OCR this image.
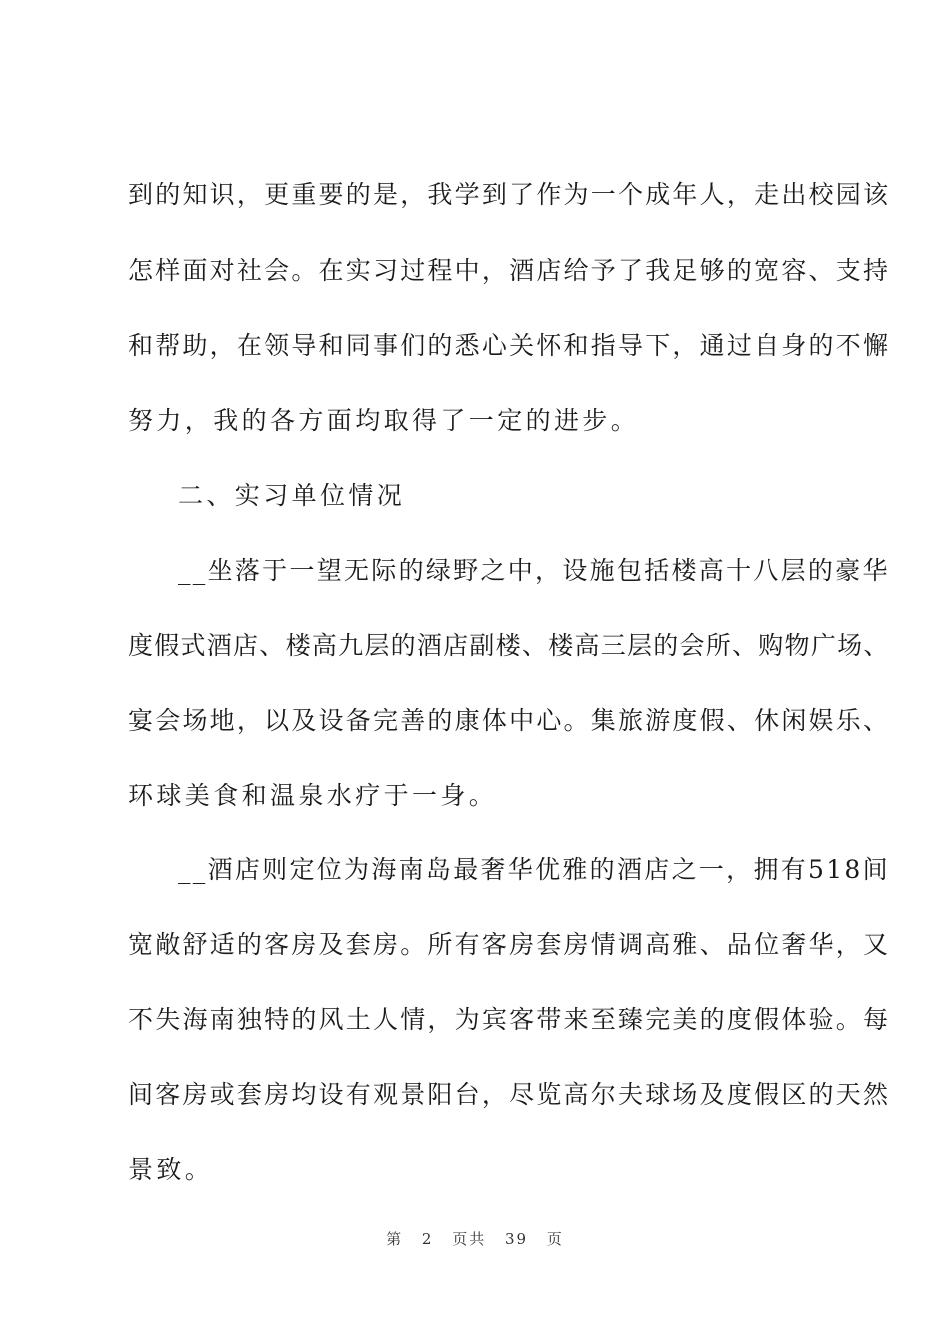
到的知识，更重要的是，我学到了作为一个成年人，走出校园该
怎样面对社会。在实习过程中，酒店给予了我足够的宽容、支持
和帮助，在领导和同事们的悉心关怀和指导下，通过自身的不懈
努力，我的各方面均取得了一定的进步。
二、实习单位情况
__坐落于一望无际的绿野之中，设施包括楼高十八层的豪华
度假式酒店、楼高九层的酒店副楼、楼高三层的会所、购物广场、
宴会场地，以及设备完善的康体中心。集旅游度假、休闲娱乐、
环球美食和温泉水疗于一身。
__酒店则定位为海南岛最奢华优雅的酒店之一，拥有518间
宽敞舒适的客房及套房。所有客房套房情调高雅、品位奢华，又
不失海南独特的风土人情，为宾客带来至臻完美的度假体验。每
间客房或套房均设有观景阳台，尽览高尔夫球场及度假区的天然
景致。
第 2 页共 39 页
